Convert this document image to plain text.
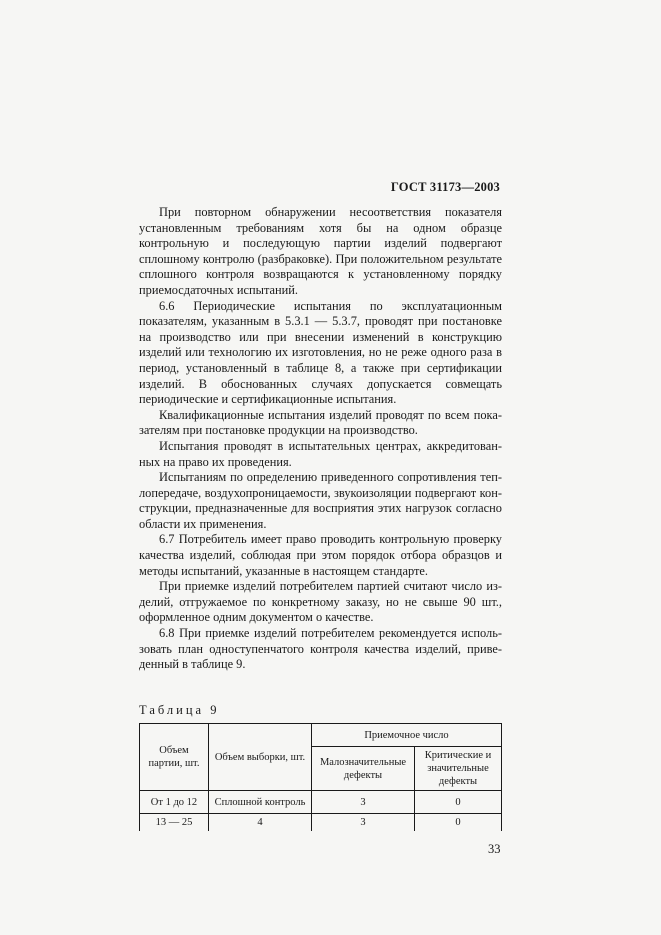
ГОСТ 31173—2003

При повторном обнаружении несоответствия показателя установленным требованиям хотя бы на одном образце контрольную и последующую партии изделий подвергают сплошному контролю (разбраковке). При положительном результате сплошного контроля возвращаются к установленному порядку приемосдаточных испытаний.

6.6 Периодические испытания по эксплуатационным показателям, указанным в 5.3.1 — 5.3.7, проводят при постановке на производство или при внесении изменений в конструкцию изделий или технологию их изготовления, но не реже одного раза в период, установленный в таблице 8, а также при сертификации изделий. В обоснованных случаях допускается совмещать периодические и сертификационные испытания.

Квалификационные испытания изделий проводят по всем показателям при постановке продукции на производство.

Испытания проводят в испытательных центрах, аккредитованных на право их проведения.

Испытаниям по определению приведенного сопротивления теплопередаче, воздухопроницаемости, звукоизоляции подвергают конструкции, предназначенные для восприятия этих нагрузок согласно области их применения.

6.7 Потребитель имеет право проводить контрольную проверку качества изделий, соблюдая при этом порядок отбора образцов и методы испытаний, указанные в настоящем стандарте.

При приемке изделий потребителем партией считают число изделий, отгружаемое по конкретному заказу, но не свыше 90 шт., оформленное одним документом о качестве.

6.8 При приемке изделий потребителем рекомендуется использовать план одноступенчатого контроля качества изделий, приведенный в таблице 9.

Таблица 9
Объем партии, шт.	Объем выборки, шт.	Приемочное число	
		Малозначительные дефекты	Критические и значительные дефекты
От 1 до 12	Сплошной контроль	3	0
13 — 25	4	3	0
33
